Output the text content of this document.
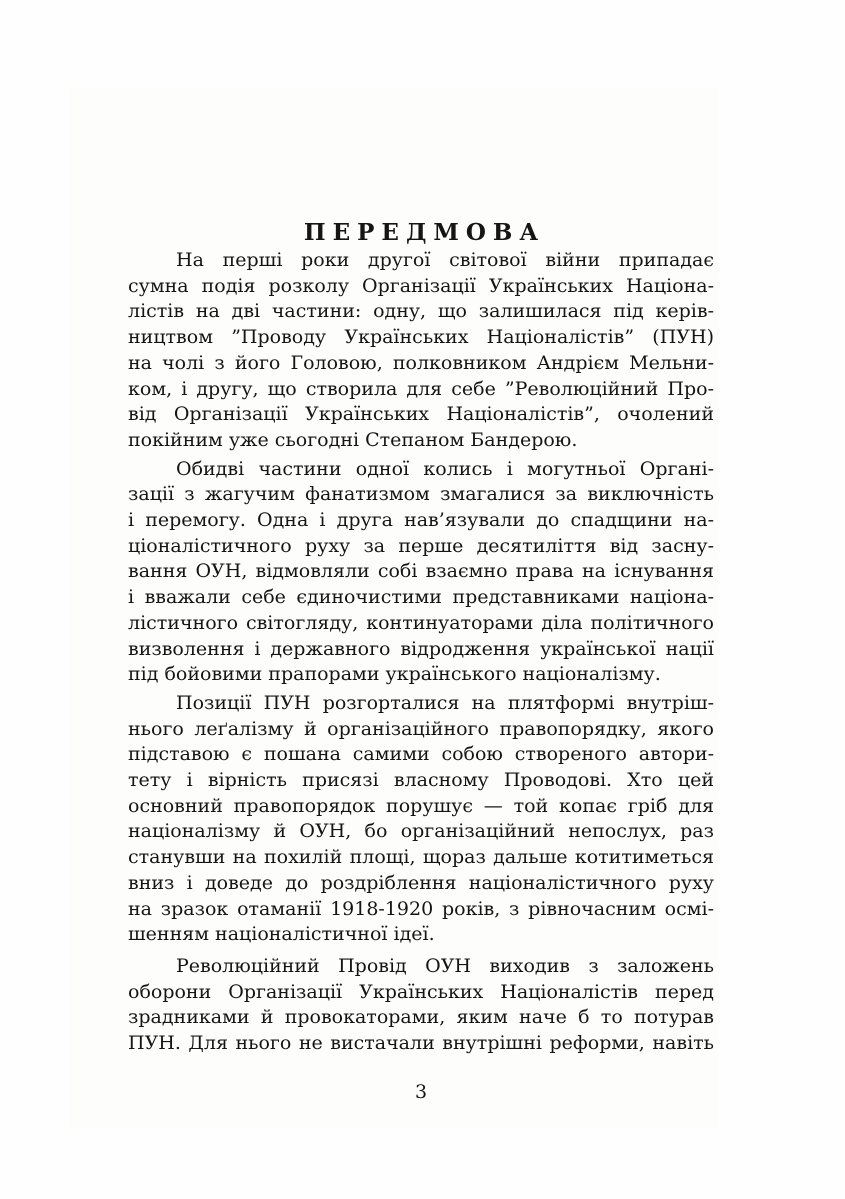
ПЕРЕДМОВА
На перші роки другої світової війни припадає
сумна подія розколу Організації Українських Націона-
лістів на дві частини: одну, що залишилася під керів-
ництвом ”Проводу Українських Націоналістів” (ПУН)
на чолі з його Головою, полковником Андрієм Мельни-
ком, і другу, що створила для себе ”Революційний Про-
від Організації Українських Націоналістів”, очолений
покійним уже сьогодні Степаном Бандерою.
Обидві частини одної колись і могутньої Органі-
зації з жагучим фанатизмом змагалися за виключність
і перемогу. Одна і друга нав’язували до спадщини на-
ціоналістичного руху за перше десятиліття від засну-
вання ОУН, відмовляли собі взаємно права на існування
і вважали себе єдиночистими представниками націона-
лістичного світогляду, континуаторами діла політичного
визволення і державного відродження української нації
під бойовими прапорами українського націоналізму.
Позиції ПУН розгорталися на плятформі внутріш-
нього леґалізму й організаційного правопорядку, якого
підставою є пошана самими собою створеного автори-
тету і вірність присязі власному Проводові. Хто цей
основний правопорядок порушує — той копає гріб для
націоналізму й ОУН, бо організаційний непослух, раз
станувши на похилій площі, щораз дальше котитиметься
вниз і доведе до роздріблення націоналістичного руху
на зразок отаманії 1918-1920 років, з рівночасним осмі-
шенням націоналістичної ідеї.
Революційний Провід ОУН виходив з заложень
оборони Організації Українських Націоналістів перед
зрадниками й провокаторами, яким наче б то потурав
ПУН. Для нього не вистачали внутрішні реформи, навіть
3
